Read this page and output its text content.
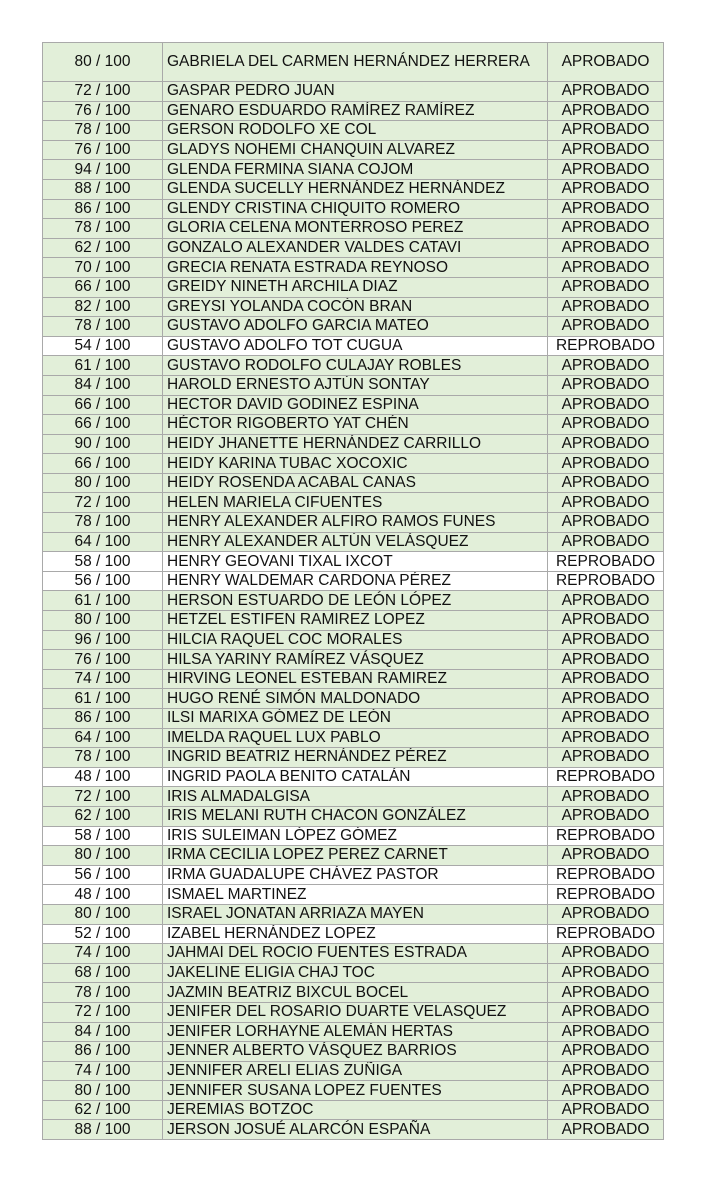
80 / 100	GABRIELA DEL CARMEN HERNÁNDEZ HERRERA	APROBADO
72 / 100	GASPAR PEDRO JUAN	APROBADO
76 / 100	GENARO ESDUARDO RAMÍREZ RAMÍREZ	APROBADO
78 / 100	GERSON RODOLFO XE COL	APROBADO
76 / 100	GLADYS NOHEMI CHANQUIN ALVAREZ	APROBADO
94 / 100	GLENDA FERMINA SIANA COJOM	APROBADO
88 / 100	GLENDA SUCELLY HERNÁNDEZ HERNÁNDEZ	APROBADO
86 / 100	GLENDY CRISTINA CHIQUITO ROMERO	APROBADO
78 / 100	GLORIA CELENA MONTERROSO PEREZ	APROBADO
62 / 100	GONZALO ALEXANDER VALDES CATAVI	APROBADO
70 / 100	GRECIA RENATA ESTRADA REYNOSO	APROBADO
66 / 100	GREIDY NINETH ARCHILA DIAZ	APROBADO
82 / 100	GREYSI YOLANDA COCÓN BRAN	APROBADO
78 / 100	GUSTAVO ADOLFO GARCIA MATEO	APROBADO
54 / 100	GUSTAVO ADOLFO TOT CUGUA	REPROBADO
61 / 100	GUSTAVO RODOLFO CULAJAY ROBLES	APROBADO
84 / 100	HAROLD ERNESTO AJTÚN SONTAY	APROBADO
66 / 100	HECTOR DAVID GODINEZ ESPINA	APROBADO
66 / 100	HÉCTOR RIGOBERTO YAT CHÉN	APROBADO
90 / 100	HEIDY JHANETTE HERNÁNDEZ CARRILLO	APROBADO
66 / 100	HEIDY KARINA TUBAC XOCOXIC	APROBADO
80 / 100	HEIDY ROSENDA ACABAL CANAS	APROBADO
72 / 100	HELEN MARIELA CIFUENTES	APROBADO
78 / 100	HENRY ALEXANDER ALFIRO RAMOS FUNES	APROBADO
64 / 100	HENRY ALEXANDER ALTÚN VELÁSQUEZ	APROBADO
58 / 100	HENRY GEOVANI TIXAL IXCOT	REPROBADO
56 / 100	HENRY WALDEMAR CARDONA PÉREZ	REPROBADO
61 / 100	HERSON ESTUARDO DE LEÓN LÓPEZ	APROBADO
80 / 100	HETZEL ESTIFEN RAMIREZ LOPEZ	APROBADO
96 / 100	HILCIA RAQUEL COC MORALES	APROBADO
76 / 100	HILSA YARINY RAMÍREZ VÁSQUEZ	APROBADO
74 / 100	HIRVING LEONEL ESTEBAN RAMIREZ	APROBADO
61 / 100	HUGO RENÉ SIMÓN MALDONADO	APROBADO
86 / 100	ILSI MARIXA GÓMEZ DE LEÓN	APROBADO
64 / 100	IMELDA RAQUEL LUX PABLO	APROBADO
78 / 100	INGRID BEATRIZ HERNÁNDEZ PÉREZ	APROBADO
48 / 100	INGRID PAOLA BENITO CATALÁN	REPROBADO
72 / 100	IRIS ALMADALGISA	APROBADO
62 / 100	IRIS MELANI RUTH CHACON GONZÁLEZ	APROBADO
58 / 100	IRIS SULEIMAN LÓPEZ GÓMEZ	REPROBADO
80 / 100	IRMA CECILIA LOPEZ PEREZ CARNET	APROBADO
56 / 100	IRMA GUADALUPE CHÁVEZ PASTOR	REPROBADO
48 / 100	ISMAEL MARTINEZ	REPROBADO
80 / 100	ISRAEL JONATAN ARRIAZA MAYEN	APROBADO
52 / 100	IZABEL HERNÁNDEZ LOPEZ	REPROBADO
74 / 100	JAHMAI DEL ROCIO FUENTES ESTRADA	APROBADO
68 / 100	JAKELINE ELIGIA CHAJ TOC	APROBADO
78 / 100	JAZMIN BEATRIZ BIXCUL BOCEL	APROBADO
72 / 100	JENIFER DEL ROSARIO DUARTE VELASQUEZ	APROBADO
84 / 100	JENIFER LORHAYNE ALEMÁN HERTAS	APROBADO
86 / 100	JENNER ALBERTO VÁSQUEZ BARRIOS	APROBADO
74 / 100	JENNIFER ARELI ELIAS ZUÑIGA	APROBADO
80 / 100	JENNIFER SUSANA LOPEZ FUENTES	APROBADO
62 / 100	JEREMIAS BOTZOC	APROBADO
88 / 100	JERSON JOSUÉ ALARCÓN ESPAÑA	APROBADO
